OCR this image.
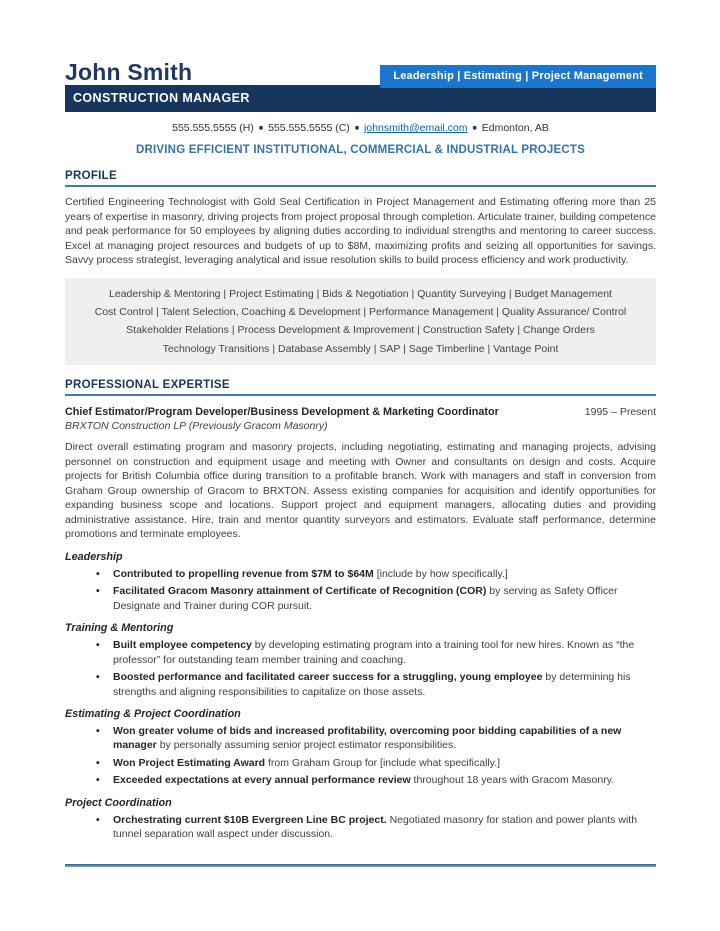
John Smith	Leadership | Estimating | Project Management
CONSTRUCTION MANAGER
555.555.5555 (H) ■ 555.555.5555 (C) ■ johnsmith@email.com ■ Edmonton, AB
DRIVING EFFICIENT INSTITUTIONAL, COMMERCIAL & INDUSTRIAL PROJECTS
PROFILE

Certified Engineering Technologist with Gold Seal Certification in Project Management and Estimating offering more than 25 years of expertise in masonry, driving projects from project proposal through completion. Articulate trainer, building competence and peak performance for 50 employees by aligning duties according to individual strengths and mentoring to career success. Excel at managing project resources and budgets of up to $8M, maximizing profits and seizing all opportunities for savings. Savvy process strategist, leveraging analytical and issue resolution skills to build process efficiency and work productivity.

Leadership & Mentoring | Project Estimating | Bids & Negotiation | Quantity Surveying | Budget Management
Cost Control | Talent Selection, Coaching & Development | Performance Management | Quality Assurance/ Control
Stakeholder Relations | Process Development & Improvement | Construction Safety | Change Orders
Technology Transitions | Database Assembly | SAP | Sage Timberline | Vantage Point
PROFESSIONAL EXPERTISE
Chief Estimator/Program Developer/Business Development & Marketing Coordinator	1995 – Present
BRXTON Construction LP (Previously Gracom Masonry)

Direct overall estimating program and masonry projects, including negotiating, estimating and managing projects, advising personnel on construction and equipment usage and meeting with Owner and consultants on design and costs. Acquire projects for British Columbia office during transition to a profitable branch. Work with managers and staff in conversion from Graham Group ownership of Gracom to BRXTON. Assess existing companies for acquisition and identify opportunities for expanding business scope and locations. Support project and equipment managers, allocating duties and providing administrative assistance. Hire, train and mentor quantity surveyors and estimators. Evaluate staff performance, determine promotions and terminate employees.

Leadership
• Contributed to propelling revenue from $7M to $64M [include by how specifically.]
• Facilitated Gracom Masonry attainment of Certificate of Recognition (COR) by serving as Safety Officer Designate and Trainer during COR pursuit.
Training & Mentoring
• Built employee competency by developing estimating program into a training tool for new hires. Known as “the professor” for outstanding team member training and coaching.
• Boosted performance and facilitated career success for a struggling, young employee by determining his strengths and aligning responsibilities to capitalize on those assets.
Estimating & Project Coordination
• Won greater volume of bids and increased profitability, overcoming poor bidding capabilities of a new manager by personally assuming senior project estimator responsibilities.
• Won Project Estimating Award from Graham Group for [include what specifically.]
• Exceeded expectations at every annual performance review throughout 18 years with Gracom Masonry.
Project Coordination
• Orchestrating current $10B Evergreen Line BC project. Negotiated masonry for station and power plants with tunnel separation wall aspect under discussion.
